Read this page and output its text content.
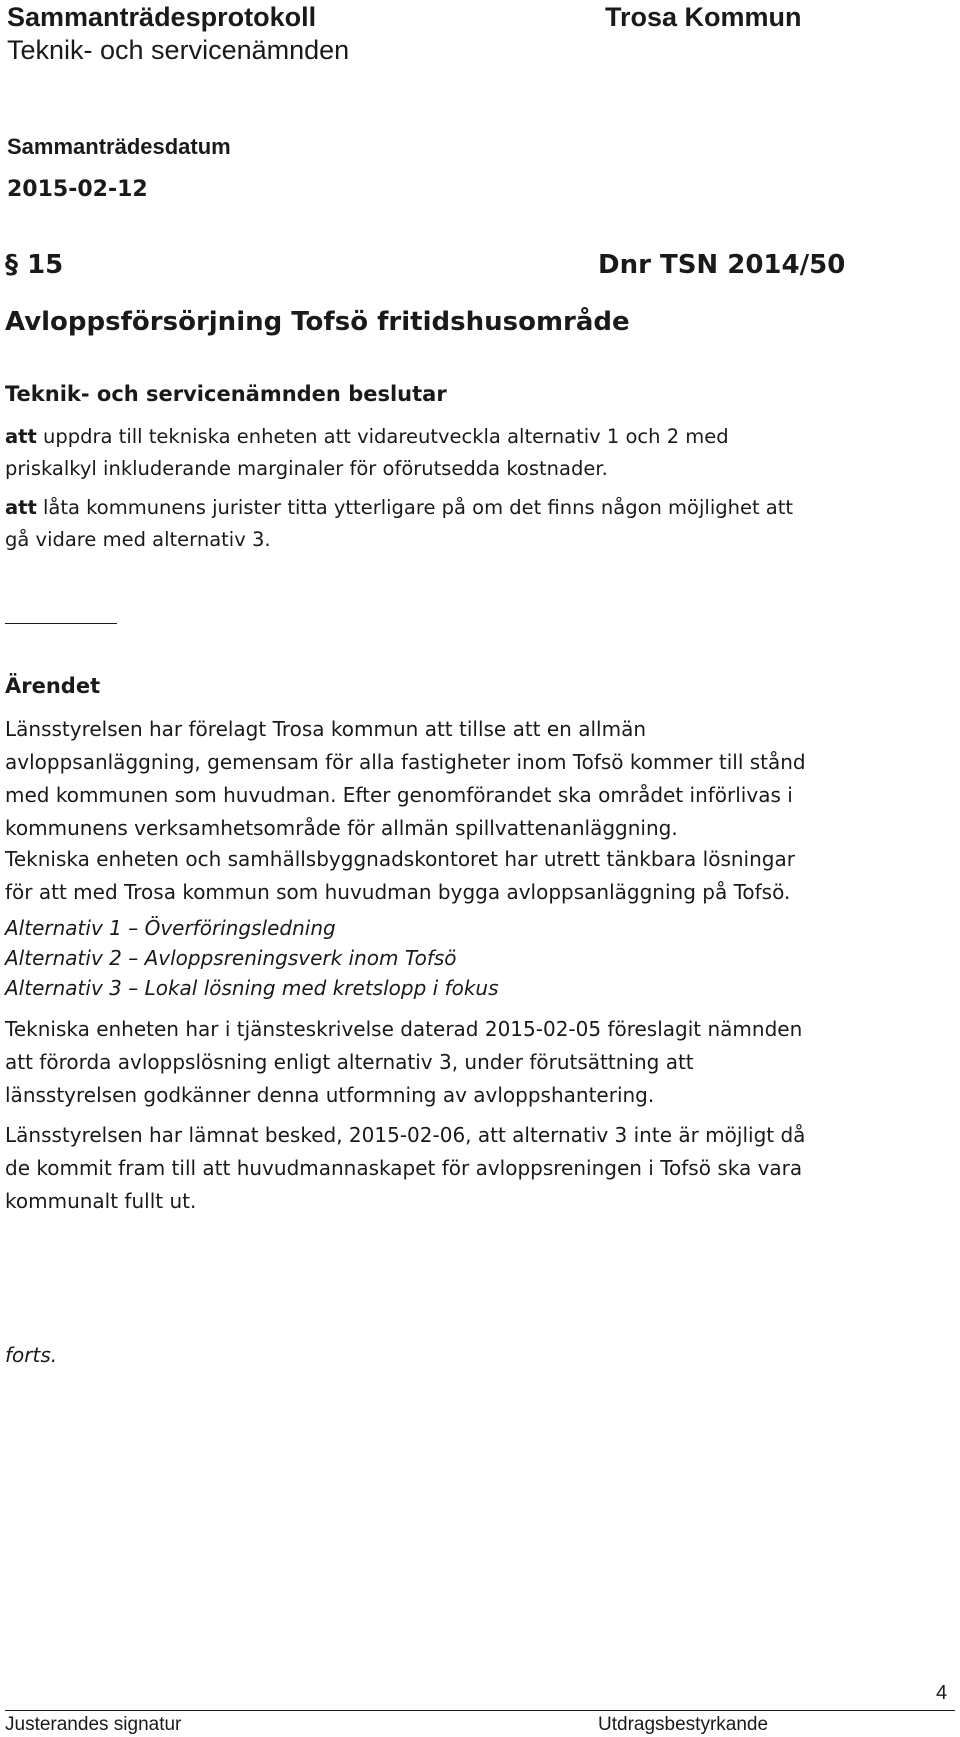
Sammanträdesprotokoll
Teknik- och servicenämnden
Trosa Kommun
Sammanträdesdatum
2015-02-12
§ 15	Dnr TSN 2014/50
Avloppsförsörjning Tofsö fritidshusområde
Teknik- och servicenämnden beslutar
att uppdra till tekniska enheten att vidareutveckla alternativ 1 och 2 med
priskalkyl inkluderande marginaler för oförutsedda kostnader.
att låta kommunens jurister titta ytterligare på om det finns någon möjlighet att
gå vidare med alternativ 3.
Ärendet
Länsstyrelsen har förelagt Trosa kommun att tillse att en allmän
avloppsanläggning, gemensam för alla fastigheter inom Tofsö kommer till stånd
med kommunen som huvudman. Efter genomförandet ska området införlivas i
kommunens verksamhetsområde för allmän spillvattenanläggning.
Tekniska enheten och samhällsbyggnadskontoret har utrett tänkbara lösningar
för att med Trosa kommun som huvudman bygga avloppsanläggning på Tofsö.
Alternativ 1 – Överföringsledning
Alternativ 2 – Avloppsreningsverk inom Tofsö
Alternativ 3 – Lokal lösning med kretslopp i fokus
Tekniska enheten har i tjänsteskrivelse daterad 2015-02-05 föreslagit nämnden
att förorda avloppslösning enligt alternativ 3, under förutsättning att
länsstyrelsen godkänner denna utformning av avloppshantering.
Länsstyrelsen har lämnat besked, 2015-02-06, att alternativ 3 inte är möjligt då
de kommit fram till att huvudmannaskapet för avloppsreningen i Tofsö ska vara
kommunalt fullt ut.
forts.
Justerandes signatur	Utdragsbestyrkande
4
